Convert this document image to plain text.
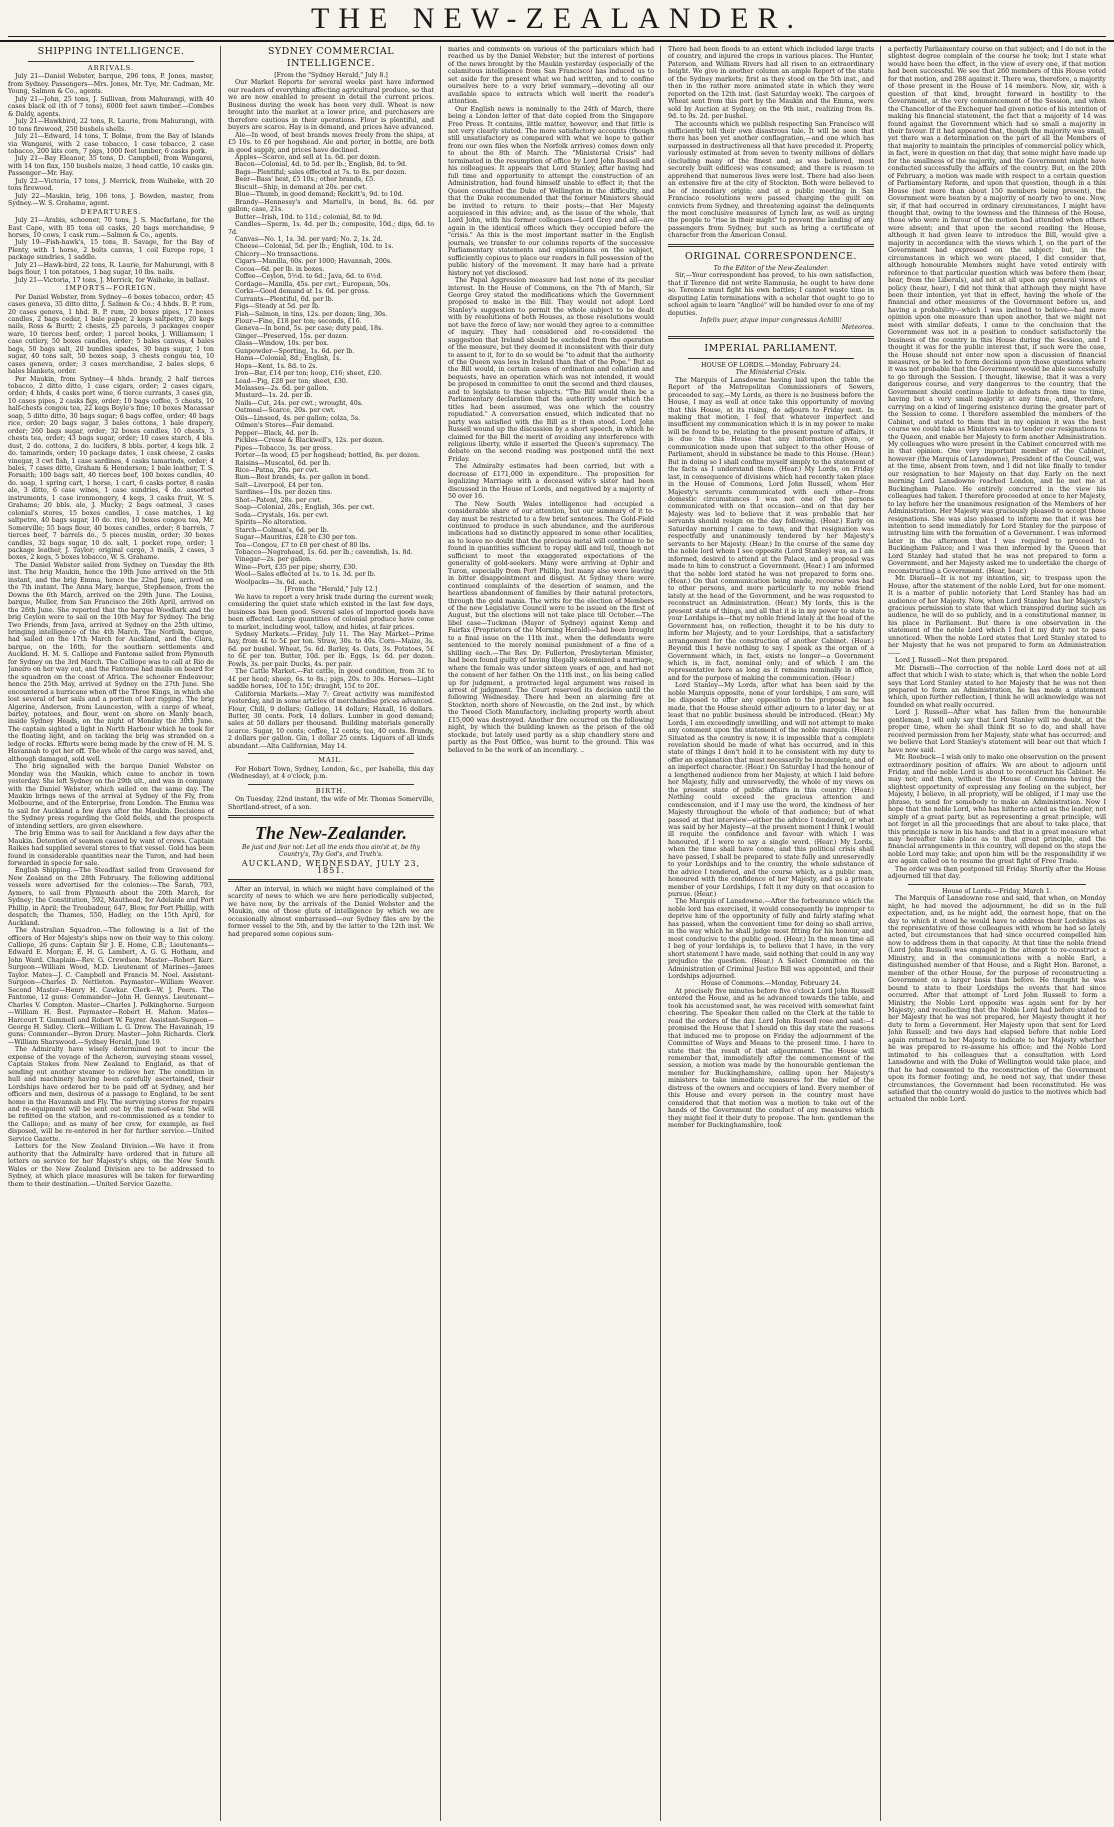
THE NEW-ZEALANDER.
SHIPPING INTELLIGENCE.
ARRIVALS.

July 21—Daniel Webster, barque, 296 tons, P. Jones, master, from Sydney. Passengers—Mrs. Jones, Mr. Tye, Mr. Cadman, Mr. Young, Salmon & Co., agents.

July 21—John, 25 tons, J. Sullivan, from Mahurangi, with 40 cases black oil (th of 7 tons), 6000 feet sawn timber.—Combes & Daldy, agents.

July 21—Hawkbird, 22 tons, R. Laurie, from Mahurangi, with 10 tons firewood, 250 bushels shells.

July 21—Edward, 14 tons, T. Bolme, from the Bay of Islands via Wangarei, with 2 case tobacco, 1 case tobacco, 2 case tobacco, 200 kits corn, 7 pigs, 1000 feet lumber, 6 casks pork.

July 21—Bay Eleanor, 35 tons, D. Campbell, from Wangarei, with 14 ton flax, 150 bushels maize, 3 head cattle, 10 casks gin. Passenger—Mr. Hay.

July 22—Victoria, 17 tons, J. Merrick, from Waiheke, with 20 tons firewood.

July 22—Maukin, brig, 106 tons, J. Bowden, master, from Sydney.—W. S. Grahame, agent.

DEPARTURES.

July 21—Arabis, schooner, 70 tons, J. S. Macfarlane, for the East Cape, with 85 tons oil casks, 20 bags merchandise, 9 horses, 10 cows, 1 cask rum.—Salmon & Co., agents.

July 19—Fish-hawk's, 15 tons, B. Savage, for the Bay of Plenty, with 1 horse, 2 bolts canvas, 1 coil Europe rope, 1 package sundries, 1 saddle.

July 21—Hawk-bird, 22 tons, R. Laurie, for Mahurangi, with 8 bags flour, 1 ton potatoes, 1 bag sugar, 10 lbs. nails.

July 21—Victoria, 17 tons, J. Merrick, for Waiheke, in ballast.

IMPORTS—FOREIGN.

Per Daniel Webster, from Sydney—6 boxes tobacco, order; 45 cases geneva, 35 ditto ditto, J. Salmon & Co.; 4 hhds. B. P. rum, 20 cases geneva, 1 hhd. B. P. rum, 20 boxes pipes, 17 boxes candles, 2 bags cedar, 1 bale paper, 2 kegs saltpetre, 20 kegs nails, Ross & Burtt; 2 chests, 25 parcels, 3 packages cooper ware, 10 tierces beef, order; 1 parcel books, J. Williamson; 1 case cutlery, 50 boxes candles, order; 5 bales canvas, 4 bales bags, 50 bags salt, 20 bundles spades, 30 bags sugar, 1 ton sugar, 40 tons salt, 50 boxes soap, 3 chests congou tea, 10 cases geneva, order; 3 cases merchandise, 2 bales slops, 6 bales blankets, order.

Per Maukin, from Sydney—4 hhds. brandy, 2 half tierces tobacco, 2 ditto ditto, 1 case cigars, order; 2 cases cigars, order; 4 hhds, 4 casks port wine, 6 tierce currants, 3 cases gin, 10 cases pipes, 2 casks figs, order; 10 bags coffee, 5 chests, 10 half-chests congou tea, 22 kegs Boyle's fine; 10 boxes Macassar soap, 5 ditto ditto, 30 bags sugar; 6 bags coffee, order; 40 bags rice, order; 20 bags sugar, 3 bales cottons, 1 bale drapery, order; 260 bags sugar, order; 32 boxes candles, 10 chests, 3 chests tea, order; 43 bags sugar, order; 10 cases starch, 4 bls. dust, 2 do. cottons, 2 do. lucifers, 8 bbls. porter, 4 kegs blk. 2 do. tamarinds, order; 10 package dates, 1 cask cheese, 2 casks vinegar, 3 cwt fish, 1 case sardines, 4 casks tamarinds, order; 4 bales, 7 cases ditto, Graham & Henderson; 1 bale leather, T. S. Forsaith; 100 bags salt, 40 tierces beef, 100 boxes candles, 40 do. soap, 1 spring cart, 1 horse, 1 cart, 6 casks porter, 8 casks ale, 3 ditto, 6 case wines, 1 case sundries, 4 do. assorted instruments, 1 case ironmongery, 4 kegs, 3 casks fruit, W. S. Grahame; 20 bbls. ale, J. Mucky; 2 bags oatmeal, 3 cases colonial's stores, 15 boxes candles, 1 case matches, 1 kg saltpetre, 40 bags sugar, 10 do. rice, 10 boxes congou tea, Mr. Somerville; 55 bags flour, 40 boxes candles, order; 8 barrels, 7 tierces beef, 7 barrels do., 5 pieces muslin, order; 30 boxes candles, 32 bags sugar, 10 do. salt, 1 pocket rope, order; 1 package leather, J. Taylor; original cargo, 3 mails, 2 cases, 3 boxes, 2 kegs, 5 boxes tobacco, W. S. Grahame.

The Daniel Webster sailed from Sydney on Tuesday the 8th inst. The brig Maukin, hence the 19th June arrived on the 5th instant, and the brig Emma, hence the 22nd June, arrived on the 7th instant. The Anna Mary, barque, Stephenson, from the Downs the 6th March, arrived on the 29th June. The Louisa, barque, Muller, from San Francisco the 26th April, arrived on the 26th June. She reported that the barque Woodlark and the brig Ceylon were to sail on the 10th May for Sydney. The brig Two Friends, from Java, arrived at Sydney on the 25th ultimo, bringing intelligence of the 4th March. The Norfolk, barque, had sailed on the 17th March for Auckland, and the Clara, barque, on the 16th, for the southern settlements and Auckland. H. M. S. Calliope and Fantome sailed from Plymouth for Sydney on the 3rd March. The Calliope was to call at Rio de Janeiro on her way out, and the Fantome had mails on board for the squadron on the coast of Africa. The schooner Endeavour, hence the 25th May, arrived at Sydney on the 27th June. She encountered a hurricane when off the Three Kings, in which she lost several of her sails and a portion of her rigging. The brig Algerine, Anderson, from Launceston, with a cargo of wheat, barley, potatoes, and flour, went on shore on Manly beach, inside Sydney Heads, on the night of Monday the 30th June. The captain sighted a light in North Harbour which he took for the floating light, and on tacking the brig was stranded on a ledge of rocks. Efforts were being made by the crew of H. M. S. Havannah to get her off. The whole of the cargo was saved, and, although damaged, sold well.

The brig signalled with the barque Daniel Webster on Monday was the Maukin, which came to anchor in town yesterday. She left Sydney on the 29th ult., and was in company with the Daniel Webster, which sailed on the same day. The Maukin brings news of the arrival at Sydney of the Fly, from Melbourne, and of the Enterprise, from London. The Emma was to sail for Auckland a few days after the Maukin. Decisions of the Sydney press regarding the Gold fields, and the prospects of intending settlers, are given elsewhere.

The brig Emma was to sail for Auckland a few days after the Maukin. Detention of seamen caused by want of crews. Captain Raikes had supplied several stores to that vessel. Gold has been found in considerable quantities near the Turon, and had been forwarded in specie for sale.

English Shipping.—The Steadfast sailed from Gravesend for New Zealand on the 28th February. The following additional vessels were advertised for the colonies:—The Sarah, 793, Aymers, to sail from Plymouth about the 20th March, for Sydney; the Constitution, 592, Mauthead, for Adelaide and Port Phillip, in April; the Troubadour, 647, Blow, for Port Phillip, with despatch; the Thames, 550, Hadley, on the 15th April, for Auckland.

The Australian Squadron.—The following is a list of the officers of Her Majesty's ships now on their way to this colony. Calliope, 26 guns: Captain Sir J. E. Home, C.B.; Lieutenants—Edward E. Morgan; E. H. G. Lambert, A. G. G. Hotham, and John Ward. Chaplain—Rev. G. Crewdson. Master—Robert Kerr. Surgeon—William Wood, M.D. Lieutenant of Marines—James Taylor. Mates—J. C. Campbell and Francis M. Noel. Assistant-Surgeon—Charles D. Nettleton. Paymaster—William Weaver. Second Master—Henry H. Cawkar. Clerk—W. J. Peers. The Fantome, 12 guns: Commander—John H. Gennys. Lieutenant—Charles V. Compton. Master—Charles J. Polkinghorne. Surgeon—William H. Best. Paymaster—Robert H. Mahon. Mates—Harcourt T. Gummell and Robert W. Fayrer. Assistant-Surgeon—George H. Sidley. Clerk—William L. G. Drew. The Havannah, 19 guns: Commander—Byron Drury. Master—John Richards. Clerk—William Sharswood.—Sydney Herald, June 19.

The Admiralty have wisely determined not to incur the expense of the voyage of the Acheron, surveying steam vessel, Captain Stokes from New Zealand to England, as that of sending out another steamer to relieve her. The condition in hull and machinery having been carefully ascertained, their Lordships have ordered her to be paid off at Sydney, and her officers and men, desirous of a passage to England, to be sent home in the Havannah and Fly. The surveying stores for repairs and re-equipment will be sent out by the men-of-war. She will be refitted on the station, and re-commissioned as a tender to the Calliope; and as many of her crew, for example, as feel disposed, will be re-entered in her for further service.—United Service Gazette.

Letters for the New Zealand Division.—We have it from authority that the Admiralty have ordered that in future all letters on service for her Majesty's ships, on the New South Wales or the New Zealand Division are to be addressed to Sydney, at which place measures will be taken for forwarding them to their destination.—United Service Gazette.

SYDNEY COMMERCIAL INTELLIGENCE.
[From the "Sydney Herald," July 8.]

Our Market Reports for several weeks past have informed our readers of everything affecting agricultural produce, so that we are now enabled to present in detail the current prices. Business during the week has been very dull. Wheat is now brought into the market at a lower price, and purchasers are therefore cautious in their operations. Flour is plentiful, and buyers are scarce. Hay is in demand, and prices have advanced.

Ale—In wood, of best brands moves freely from the ships, at £5 10s. to £6 per hogshead. Ale and porter, in bottle, are both in good supply, and prices have declined.

Apples—Scarce, and sell at 1s. 6d. per dozen.

Bacon—Colonial, 4d. to 5d. per lb.; English, 8d. to 9d.

Bags—Plentiful; sales effected at 7s. to 8s. per dozen.

Beer—Bass' best, £5 10s.; other brands, £5.

Biscuit—Ship, in demand at 20s. per cwt.

Blue—Thumb, in good demand; Reckitt's, 9d. to 10d.

Brandy—Hennessy's and Martell's, in bond, 8s. 6d. per gallon; case, 21s.

Butter—Irish, 10d. to 11d.; colonial, 8d. to 9d.

Candles—Sperm, 1s. 4d. per lb.; composite, 10d.; dips, 6d. to 7d.

Canvas—No. 1, 1s. 3d. per yard; No. 2, 1s. 2d.

Cheese—Colonial, 5d. per lb.; English, 10d. to 1s.

Chicory—No transactions.

Cigars—Manilla, 60s. per 1000; Havannah, 200s.

Cocoa—6d. per lb. in boxes.

Coffee—Ceylon, 5½d. to 6d.; Java, 6d. to 6½d.

Cordage—Manilla, 45s. per cwt.; European, 50s.

Corks—Good demand at 1s. 6d. per gross.

Currants—Plentiful, 6d. per lb.

Figs—Steady at 5d. per lb.

Fish—Salmon, in tins, 12s. per dozen; ling, 30s.

Flour—Fine, £18 per ton; seconds, £16.

Geneva—In bond, 5s. per case; duty paid, 18s.

Ginger—Preserved, 15s. per dozen.

Glass—Window, 10s. per box.

Gunpowder—Sporting, 1s. 6d. per lb.

Hams—Colonial, 8d.; English, 1s.

Hops—Kent, 1s. 8d. to 2s.

Iron—Bar, £14 per ton; hoop, £16; sheet, £20.

Lead—Pig, £28 per ton; sheet, £30.

Molasses—2s. 6d. per gallon.

Mustard—1s. 2d. per lb.

Nails—Cut, 24s. per cwt.; wrought, 40s.

Oatmeal—Scarce, 20s. per cwt.

Oils—Linseed, 4s. per gallon; colza, 5s.

Oilmen's Stores—Fair demand.

Pepper—Black, 4d. per lb.

Pickles—Crosse & Blackwell's, 12s. per dozen.

Pipes—Tobacco, 3s. per gross.

Porter—In wood, £5 per hogshead; bottled, 8s. per dozen.

Raisins—Muscatel, 6d. per lb.

Rice—Patna, 20s. per cwt.

Rum—Best brands, 4s. per gallon in bond.

Salt—Liverpool, £4 per ton.

Sardines—10s. per dozen tins.

Shot—Patent, 28s. per cwt.

Soap—Colonial, 28s.; English, 36s. per cwt.

Soda—Crystals, 16s. per cwt.

Spirits—No alteration.

Starch—Colman's, 6d. per lb.

Sugar—Mauritius, £28 to £30 per ton.

Tea—Congou, £7 to £8 per chest of 80 lbs.

Tobacco—Negrohead, 1s. 6d. per lb.; cavendish, 1s. 8d.

Vinegar—2s. per gallon.

Wine—Port, £35 per pipe; sherry, £30.

Wool—Sales effected at 1s. to 1s. 3d. per lb.

Woolpacks—3s. 6d. each.

[From the "Herald," July 12.]

We have to report a very brisk trade during the current week; considering the quiet state which existed in the last few days, business has been good. Several sales of imported goods have been effected. Large quantities of colonial produce have come to market, including wool, tallow, and hides, at fair prices.

Sydney Markets.—Friday, July 11. The Hay Market—Prime hay, from 4£ to 5£ per ton. Straw, 30s. to 40s. Corn—Maize, 3s. 6d. per bushel. Wheat, 5s. 6d. Barley, 4s. Oats, 3s. Potatoes, 5£ to 6£ per ton. Butter, 10d. per lb. Eggs, 1s. 6d. per dozen. Fowls, 3s. per pair. Ducks, 4s. per pair.

The Cattle Market.—Fat cattle, in good condition, from 3£ to 4£ per head; sheep, 6s. to 8s.; pigs, 20s. to 30s. Horses—Light saddle horses, 10£ to 15£; draught, 15£ to 20£.

California Markets.—May 7: Great activity was manifested yesterday, and in some articles of merchandise prices advanced. Flour, Chili, 9 dollars; Gallego, 14 dollars; Haxall, 16 dollars. Butter, 30 cents. Pork, 14 dollars. Lumber in good demand; sales at 50 dollars per thousand. Building materials generally scarce. Sugar, 10 cents; coffee, 12 cents; tea, 40 cents. Brandy, 2 dollars per gallon. Gin, 1 dollar 25 cents. Liquors of all kinds abundant.—Alta Californian, May 14.

MAIL.

For Hobart Town, Sydney, London, &c., per Isabella, this day (Wednesday), at 4 o'clock, p.m.

BIRTH.

On Tuesday, 22nd instant, the wife of Mr. Thomas Somerville, Shortland-street, of a son.

The New-Zealander.
Be just and fear not: Let all the ends thou aim'st at, be thy Country's, Thy God's, and Truth's.
AUCKLAND, WEDNESDAY, JULY 23, 1851.

After an interval, in which we might have complained of the scarcity of news to which we are here periodically subjected, we have now, by the arrivals of the Daniel Webster and the Maukin, one of those gluts of intelligence by which we are occasionally almost embarrassed—our Sydney files are by the former vessel to the 5th, and by the latter to the 12th inst. We had prepared some copious sum-

maries and comments on various of the particulars which had reached us by the Daniel Webster; but the interest of portions of the news brought by the Maukin yesterday (especially of the calamitous intelligence from San Francisco) has induced us to set aside for the present what we had written, and to confine ourselves here to a very brief summary,—devoting all our available space to extracts which well merit the reader's attention.

Our English news is nominally to the 24th of March, there being a London letter of that date copied from the Singapore Free Press. It contains, little matter, however, and that little is not very clearly stated. The more satisfactory accounts (though still unsatisfactory as compared with what we hope to gather from our own files when the Norfolk arrives) comes down only to about the 8th of March. The "Ministerial Crisis" had terminated in the resumption of office by Lord John Russell and his colleagues. It appears that Lord Stanley, after having had full time and opportunity to attempt the construction of an Administration, had found himself unable to effect it; that the Queen consulted the Duke of Wellington in the difficulty, and that the Duke recommended that the former Ministers should be invited to return to their posts;—that Her Majesty acquiesced in this advice; and, as the issue of the whole, that Lord John, with his former colleagues—Lord Grey and all—are again in the identical offices which they occupied before the "crisis." As this is the most important matter in the English journals, we transfer to our columns reports of the successive Parliamentary statements and explanations on the subject, sufficiently copious to place our readers in full possession of the public history of the movement. It may have had a private history not yet disclosed.

The Papal Aggression measure had lost none of its peculiar interest. In the House of Commons, on the 7th of March, Sir George Grey stated the modifications which the Government proposed to make in the Bill. They would not adopt Lord Stanley's suggestion to permit the whole subject to be dealt with by resolutions of both Houses, as those resolutions would not have the force of law; nor would they agree to a committee of inquiry. They had considered and re-considered the suggestion that Ireland should be excluded from the operation of the measure, but they deemed it inconsistent with their duty to assent to it, for to do so would be "to admit that the authority of the Queen was less in Ireland than that of the Pope." But as the Bill would, in certain cases of ordination and collation and bequests, have an operation which was not intended, it would be proposed in committee to omit the second and third clauses, and to legislate to these subjects. "The Bill would then be a Parliamentary declaration that the authority under which the titles had been assumed, was one which the country repudiated." A conversation ensued, which indicated that no party was satisfied with the Bill as it then stood. Lord John Russell wound up the discussion by a short speech, in which he claimed for the Bill the merit of avoiding any interference with religious liberty, while it asserted the Queen's supremacy. The debate on the second reading was postponed until the next Friday.

The Admiralty estimates had been carried, but with a decrease of £171,000 in expenditure.. The proposition for legalizing Marriage with a deceased wife's sister had been discussed in the House of Lords, and negatived by a majority of 50 over 16.

The New South Wales intelligence had occupied a considerable share of our attention, but our summary of it to-day must be restricted to a few brief sentences. The Gold-Field continued to produce in such abundance, and the auriferous indications had so distinctly appeared in some other localities, as to leave no doubt that the precious metal will continue to be found in quantities sufficient to repay skill and toil, though not sufficient to meet the exaggerated expectations of the generality of gold-seekers. Many were arriving at Ophir and Turon, especially from Port Phillip, but many also were leaving in bitter disappointment and disgust. At Sydney there were continued complaints of the desertion of seamen, and the heartless abandonment of families by their natural protectors, through the gold mania. The writs for the election of Members of the new Legislative Council were to be issued on the first of August, but the elections will not take place till October.—The libel case—Tuckman (Mayor of Sydney) against Kemp and Fairfax (Proprietors of the Morning Herald)—had been brought to a final issue on the 11th inst., when the defendants were sentenced to the merely nominal punishment of a fine of a shilling each.—The Rev. Dr. Fullerton, Presbyterian Minister, had been found guilty of having illegally solemnized a marriage, where the female was under sixteen years of age, and had not the consent of her father. On the 11th inst., on his being called up for judgment, a protracted legal argument was raised in arrest of judgment. The Court reserved its decision until the following Wednesday. There had been an alarming fire at Stockton, north shore of Newcastle, on the 2nd inst., by which the Tweed Cloth Manufactory, including property worth about £15,000 was destroyed. Another fire occurred on the following night, by which the building known as the prison of the old stockade, but lately used partly as a ship chandlery store and partly as the Post Office, was burnt to the ground. This was believed to be the work of an incendiary. ..

There had been floods to an extent which included large tracts of country, and injured the crops in various places. The Hunter, Paterson, and William Rivers had all risen to an extraordinary height. We give in another column an ample Report of the state of the Sydney markets; first as they stood on the 5th inst., and then in the rather more animated state in which they were reported on the 12th inst. (last Saturday week). The cargoes of Wheat sent from this port by the Maukin and the Emma, were sold by Auction at Sydney, on the 9th inst., realizing from 8s. 9d. to 9s. 2d. per bushel.

The accounts which we publish respecting San Francisco will sufficiently tell their own disastrous tale. It will be seen that there has been yet another conflagration,—and one which has surpassed in destructiveness all that have preceded it. Property, variously estimated at from seven to twenty millions of dollars (including many of the finest and, as was believed, most securely built edifices) was consumed; and there is reason to apprehend that numerous lives were lost. There had also been an extensive fire at the city of Stockton. Both were believed to be of incendiary origin; and at a public meeting in San Francisco resolutions were passed charging the guilt on convicts from Sydney, and threatening against the delinquents the most conclusive measures of Lynch law, as well as urging the people to "rise in their might" to prevent the landing of any passengers from Sydney, but such as bring a certificate of character from the American Consul.

ORIGINAL CORRESPONDENCE.
To the Editor of the New-Zealander.

Sir,—Your correspondent has proved, to his own satisfaction, that if Terence did not write Ramnusia, he ought to have done so. Terence must fight his own battles; I cannot waste time in disputing Latin terminations with a scholar that ought to go to school again to learn "Anglicé" will be handed over to one of my deputies.

Infelix puer, atque impar congressus Achilli!

Meteoros.
IMPERIAL PARLIAMENT.
HOUSE OF LORDS.—Monday, February 24.
The Ministerial Crisis.

The Marquis of Lansdowne having laid upon the table the Report of the Metropolitan Commissioners of Sewers, proceeded to say,—My Lords, as there is no business before the House, I may as well at once take this opportunity of moving that this House, at its rising, do adjourn to Friday next. In making that motion, I feel that whatever imperfect and insufficient my communication which it is in my power to make will be found to be, relating to the present posture of affairs, it is due to this House that any information given, or communication made upon that subject to the other House of Parliament, should in substance be made to this House. (Hear.) But in doing so I shall confine myself simply to the statement of the facts as I understand them. (Hear.) My Lords, on Friday last, in consequence of divisions which had recently taken place in the House of Commons, Lord John Russell, whom Her Majesty's servants communicated with each other—from domestic circumstances I was not one of the persons communicated with on that occasion—and on that day her Majesty was led to believe that it was probable that her servants should resign on the day following. (Hear.) Early on Saturday morning I came to town, and that resignation was respectfully and unanimously tendered by her Majesty's servants to her Majesty. (Hear.) In the course of the same day the noble lord whom I see opposite (Lord Stanley) was, as I am informed, desired to attend at the Palace, and a proposal was made to him to construct a Government. (Hear.) I am informed that the noble lord stated he was not prepared to form one. (Hear.) On that communication being made, recourse was had to other persons, and more particularly to my noble friend lately at the head of the Government, and he was requested to reconstruct an Administration. (Hear.) My lords, this is the present state of things, and all that it is in my power to state to your Lordships is—that my noble friend lately at the head of the Government has, on reflection, thought it to be his duty to inform her Majesty, and to your Lordships, that a satisfactory arrangement for the construction of another Cabinet. (Hear.) Beyond this I have nothing to say. I speak as the organ of a Government which, in fact, exists no longer—a Government which is, in fact, nominal only; and of which I am the representative here as long as it remains nominally in office, and for the purpose of making the communication. (Hear.)

Lord Stanley—My Lords, after what has been said by the noble Marquis opposite, none of your lordships, I am sure, will be disposed to offer any opposition to the proposal he has made, that the House should either adjourn to a later day, or at least that no public business should be introduced. (Hear.) My Lords, I am exceedingly unwilling, and will not attempt to make any comment upon the statement of the noble marquis. (Hear.) Situated as the country is now, it is impossible that a complete revelation should be made of what has occurred, and in this state of things I don't hold it to be consistent with my duty to offer an explanation that must necessarily be incomplete, and of an imperfect character. (Hear.) On Saturday I had the honour of a lengthened audience from her Majesty, at which I laid before her Majesty, fully and unreservedly, the whole of my views on the present state of public affairs in this country. (Hear.) Nothing could exceed the gracious attention and condescension, and if I may use the word, the kindness of her Majesty throughout the whole of that audience; but of what passed at that interview—either the advice I tendered, or what was said by her Majesty—at the present moment I think I would ill requite the confidence and favour with which I was honoured, if I were to say a single word. (Hear.) My Lords, when the time shall have come, and this political crisis shall have passed, I shall be prepared to state fully and unreservedly to your Lordships and to the country, the whole substance of the advice I tendered, and the course which, as a public man, honoured with the confidence of her Majesty, and as a private member of your Lordships, I felt it my duty on that occasion to pursue. (Hear.)

The Marquis of Lansdowne.—After the forbearance which the noble lord has exercised, it would consequently be improper to deprive him of the opportunity of fully and fairly stating what has passed, when the convenient time for doing so shall arrive, in the way which he shall judge most fitting for his honour, and most conducive to the public good. (Hear.) In the mean time all I beg of your lordships is, to believe that I have, in the very short statement I have made, said nothing that could in any way prejudice the question. (Hear.) A Select Committee on the Administration of Criminal Justice Bill was appointed, and their Lordships adjourned.

House of Commons.—Monday, February 24.

At precisely five minutes before five o'clock Lord John Russell entered the House, and as he advanced towards the table, and took his accustomed seat, he was received with somewhat faint cheering. The Speaker then called on the Clerk at the table to read the orders of the day. Lord John Russell rose and said:—I promised the House that I should on this day state the reasons that induced me to propose on Friday the adjournment of the Committee of Ways and Means to the present time. I have to state that the result of that adjournment. The House will remember that, immediately after the commencement of the session, a motion was made by the honourable gentleman the member for Buckinghamshire, calling upon her Majesty's ministers to take immediate measures for the relief of the distress of the owners and occupiers of land. Every member of this House and every person in the country must have considered that that motion was a motion to take out of the hands of the Government the conduct of any measures which they might feel it their duty to propose. The hon. gentleman the member for Buckinghamshire, took

a perfectly Parliamentary course on that subject; and I do not in the slightest degree complain of the course he took; but I state what would have been the effect, in the view of every one, if that motion had been successful. We see that 260 members of this House voted for that motion, and 288 against it. There was, therefore, a majority of those present in the House of 14 members. Now, sir, with a question of that kind, brought forward in hostility to the Government, at the very commencement of the Session, and when the Chancellor of the Exchequer had given notice of his intention of making his financial statement, the fact that a majority of 14 was found against the Government which had so small a majority in their favour. If it had appeared that, though the majority was small, yet there was a determination on the part of all the Members of that majority to maintain the principles of commercial policy which, in fact, were in question on that day, that some might have made up for the smallness of the majority, and the Government might have conducted successfully the affairs of the country. But, on the 20th of February, a motion was made with respect to a certain question of Parliamentary Reform, and upon that question, though in a thin House (not more than about 150 members being present), the Government were beaten by a majority of nearly two to one. Now, sir, if that had occurred in ordinary circumstances, I might have thought that, owing to the lowness and the thinness of the House, those who were in favour of the motion had attended when others were absent; and that upon the second reading the House, although it had given leave to introduce the Bill, would give a majority in accordance with the views which I, on the part of the Government had expressed on the subject; but, in the circumstances in which we were placed, I did consider that, although honourable Members might have voted entirely with reference to that particular question which was before them (hear, hear, from the Liberals), and not at all upon any general views of policy (hear, hear), I did not think that although they might have been their intention, yet that in effect, having the whole of the financial and other measures of the Government before us, and having a probability—which I was inclined to believe—had more opinion upon one measure than upon another, that we might not meet with similar defeats, I came to the conclusion that the Government was not in a position to conduct satisfactorily the business of the country in this House during the Session, and I thought it was for the public interest that, if such were the case, the House should not enter now upon a discussion of financial measures, or be led to form decisions upon those questions where it was not probable that the Government would be able successfully to go through the Session. I thought, likewise, that it was a very dangerous course, and very dangerous to the country, that the Government should continue liable to defeats from time to time, having but a very small majority at any time, and, therefore, carrying on a kind of lingering existence during the greater part of the Session to come. I therefore assembled the members of the Cabinet, and stated to them that in my opinion it was the best course we could take as Ministers was to tender our resignations to the Queen, and enable her Majesty to form another Administration. My colleagues who were present in the Cabinet concurred with me in that opinion. One very important member of the Cabinet, however (the Marquis of Lansdowne), President of the Council, was at the time, absent from town, and I did not like finally to tender our resignation to her Majesty on that day. Early on the next morning Lord Lansdowne reached London, and he met me at Buckingham Palace. He entirely concurred in the view his colleagues had taken. I therefore proceeded at once to her Majesty, to lay before her the unanimous resignation of the Members of her Administration. Her Majesty was graciously pleased to accept those resignations. She was also pleased to inform me that it was her intention to send immediately for Lord Stanley for the purpose of intrusting him with the formation of a Government. I was informed later in the afternoon that I was required to proceed to Buckingham Palace; and I was then informed by the Queen that Lord Stanley had stated that he was not prepared to form a Government, and her Majesty asked me to undertake the charge of reconstructing a Government. (Hear, hear.)

Mr. Disraeli—It is not my intention, sir, to trespass upon the House, after the statement of the noble Lord, but for one moment. It is a matter of public notoriety that Lord Stanley has had an audience of her Majesty. Now, when Lord Stanley has her Majesty's gracious permission to state that which transpired during such an audience, he will do so publicly, and in a constitutional manner, in his place in Parliament. But there is one observation in the statement of the noble Lord which I feel it my duty not to pass unnoticed. When the noble Lord states that Lord Stanley stated to her Majesty that he was not prepared to form an Administration——

Lord J. Russell—Not then prepared.

Mr. Disraeli—The correction of the noble Lord does not at all affect that which I wish to state; which is, that when the noble Lord says that Lord Stanley stated to her Majesty that he was not then prepared to form an Administration, he has made a statement which, upon further reflection, I think he will acknowledge was not founded on what really occurred.

Lord J. Russell—After what has fallen from the honourable gentleman, I will only say that Lord Stanley will no doubt, at the proper time, when he shall think fit so to do, and shall have received permission from her Majesty, state what has occurred; and we believe that Lord Stanley's statement will bear out that which I have now said.

Mr. Roebuck—I wish only to make one observation on the present extraordinary position of affairs. We are about to adjourn until Friday, and the noble Lord is about to reconstruct his Cabinet. He may not; and then, without the House of Commons having the slightest opportunity of expressing any feeling on the subject, her Majesty, I believe, in all propriety, will be obliged, if I may use the phrase, to send for somebody to make an Administration. Now I hope that the noble Lord, who has hitherto acted as the leader, not simply of a great party, but as representing a great principle, will not forget in all the proceedings that are about to take place, that this principle is now in his hands; and that in a great measure what may hereafter take place as to that great principle, and the financial arrangements in this country, will depend on the steps the noble Lord may take; and upon him will be the responsibility if we are again called on to resume the great fight of Free Trade.

The order was then postponed till Friday. Shortly after the House adjourned till that day.

House of Lords.—Friday, March 1.

The Marquis of Lansdowne rose and said, that when, on Monday night, he had moved the adjournment, he did so in the full expectation, and, as he might add, the earnest hope, that on the day to which it stood he would have to address their Lordships as the representative of those colleagues with whom he had so lately acted, but circumstances that had since occurred compelled him now to address them in that capacity. At that time the noble friend (Lord John Russell) was engaged in the attempt to re-construct a Ministry, and in the communications with a noble Earl, a distinguished member of that House, and a Right Hon. Baronet, a member of the other House, for the purpose of reconstructing a Government on a larger basis than before. He thought he was bound to state to their Lordships the events that had since occurred. After that attempt of Lord John Russell to form a Ministry, the Noble Lord opposite was again sent for by her Majesty; and recollecting that the Noble Lord had before stated to her Majesty that he was not prepared, her Majesty thought it her duty to form a Government. Her Majesty upon that sent for Lord John Russell; and two days had elapsed before that noble Lord again returned to her Majesty to indicate to her Majesty whether he was prepared to re-assume his office; and the Noble Lord intimated to his colleagues that a consultation with Lord Lansdowne and with the Duke of Wellington would take place, and that he had consented to the reconstruction of the Government upon its former footing; and, he need not say, that under these circumstances, the Government had been reconstituted. He was satisfied that the country would do justice to the motives which had actuated the noble Lord.
